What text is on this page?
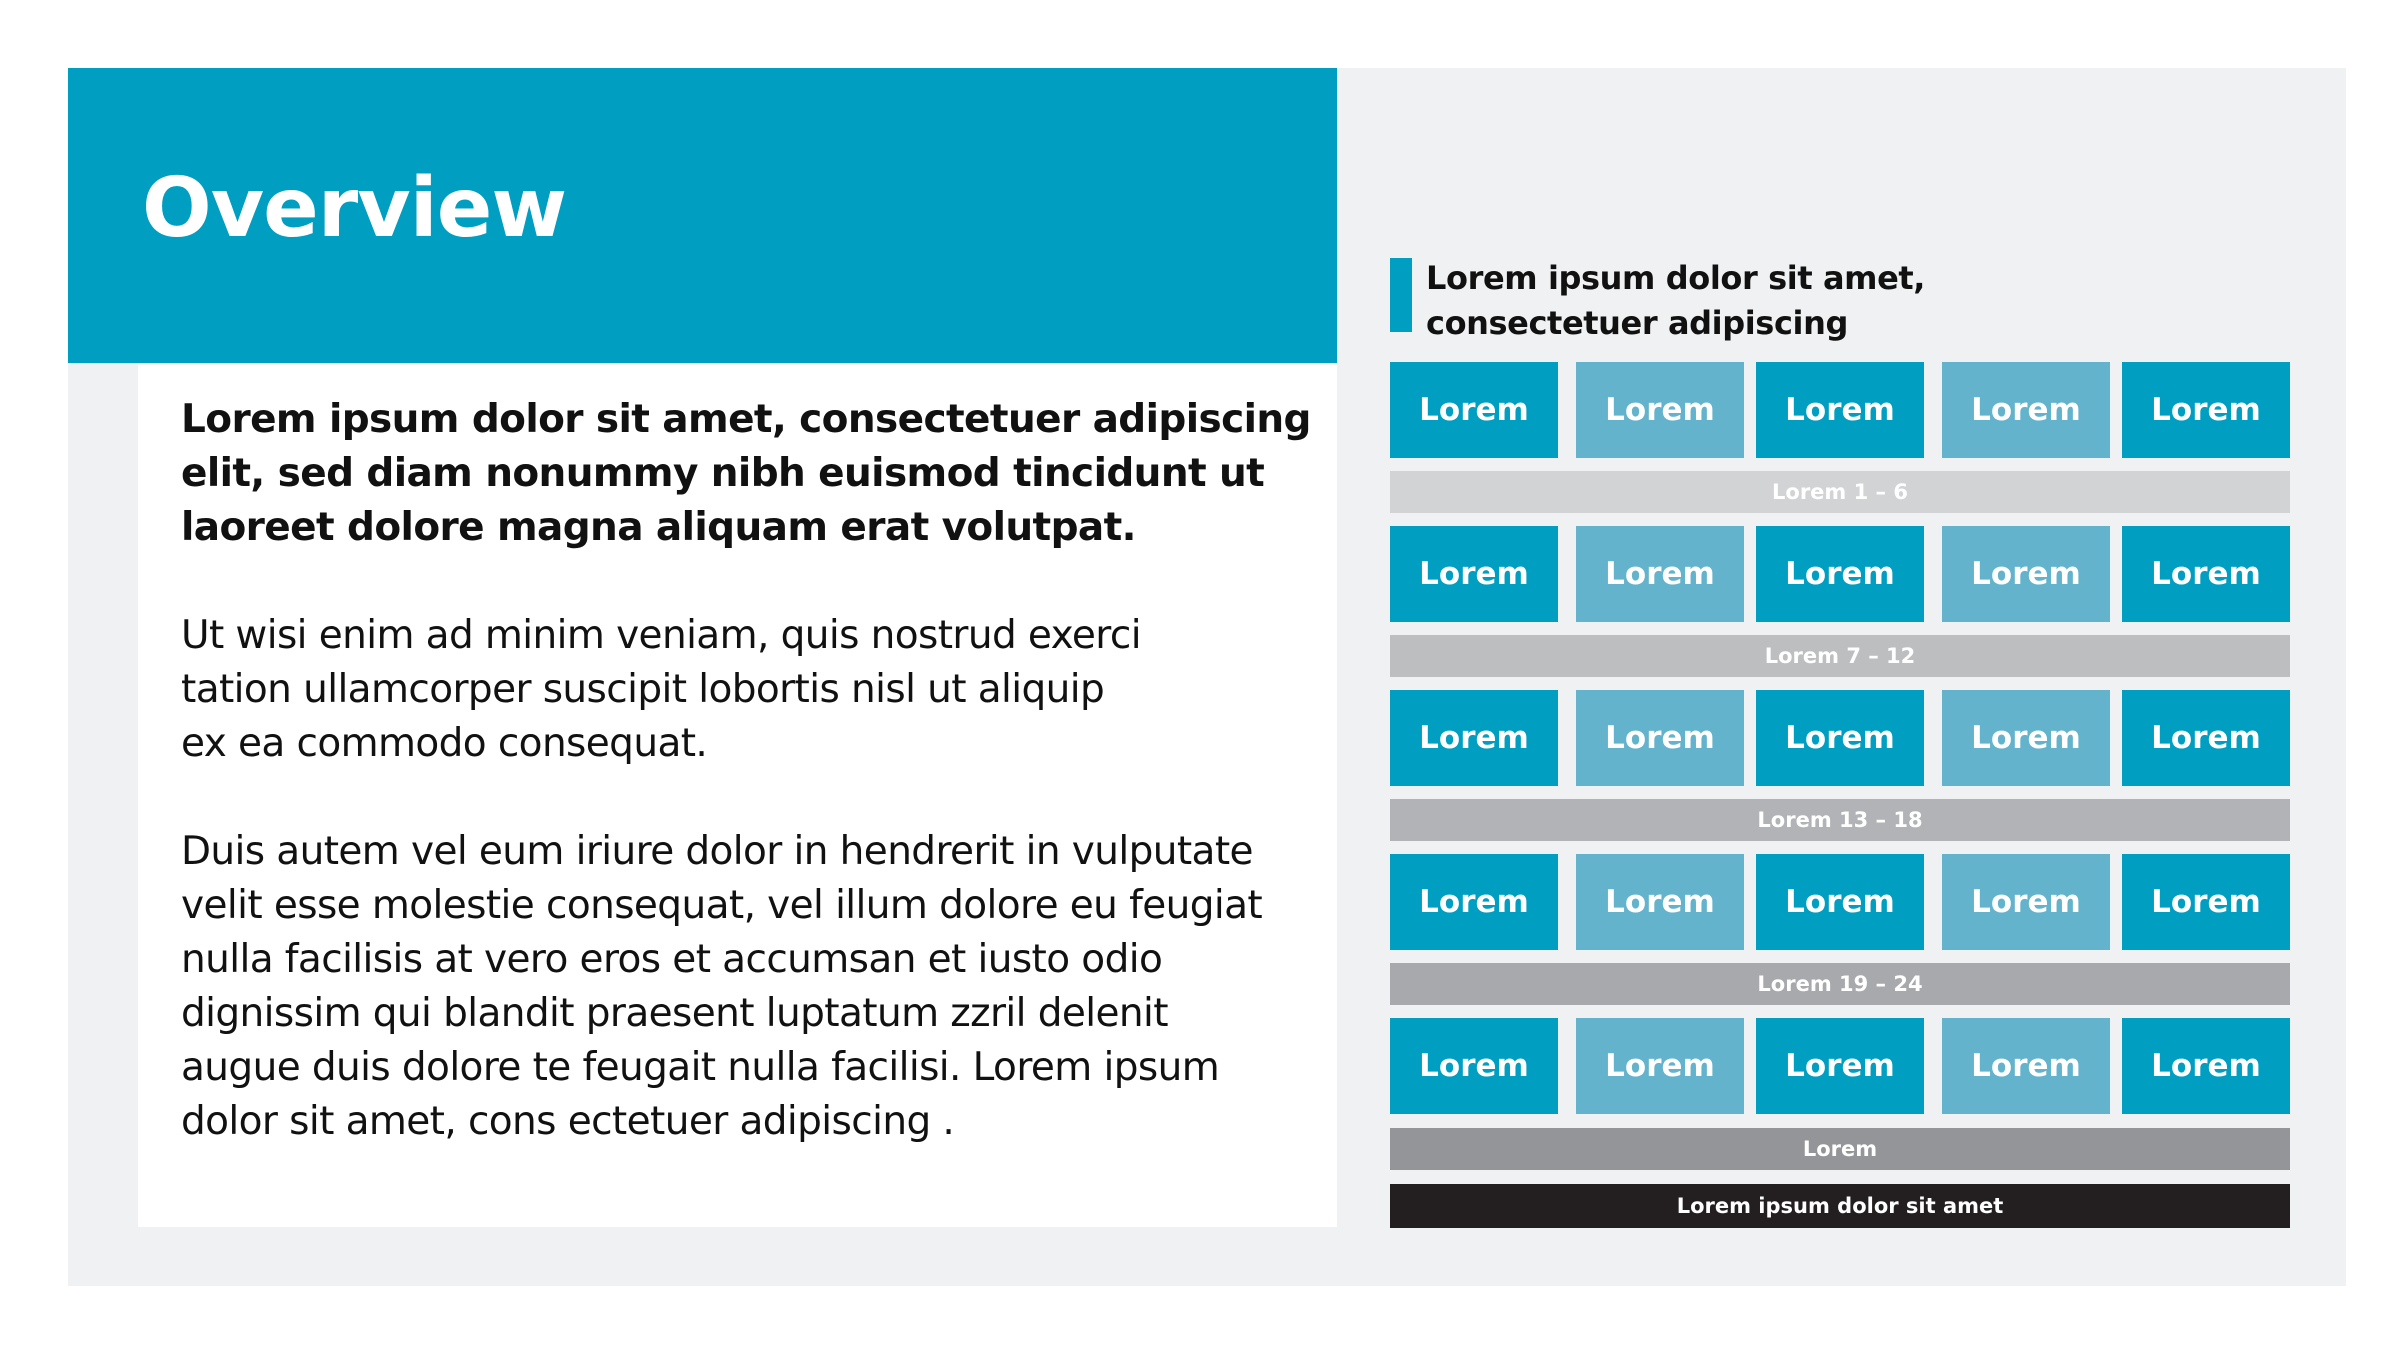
Overview

Lorem ipsum dolor sit amet, consectetuer adipiscing
elit, sed diam nonummy nibh euismod tincidunt ut
laoreet dolore magna aliquam erat volutpat.

Ut wisi enim ad minim veniam, quis nostrud exerci
tation ullamcorper suscipit lobortis nisl ut aliquip
ex ea commodo consequat.

Duis autem vel eum iriure dolor in hendrerit in vulputate
velit esse molestie consequat, vel illum dolore eu feugiat
nulla facilisis at vero eros et accumsan et iusto odio
dignissim qui blandit praesent luptatum zzril delenit
augue duis dolore te feugait nulla facilisi. Lorem ipsum
dolor sit amet, cons ectetuer adipiscing .

Lorem ipsum dolor sit amet,
consectetuer adipiscing

Lorem	Lorem	Lorem	Lorem	Lorem
Lorem 1 – 6
Lorem	Lorem	Lorem	Lorem	Lorem
Lorem 7 – 12
Lorem	Lorem	Lorem	Lorem	Lorem
Lorem 13 – 18
Lorem	Lorem	Lorem	Lorem	Lorem
Lorem 19 – 24
Lorem	Lorem	Lorem	Lorem	Lorem
Lorem
Lorem ipsum dolor sit amet
